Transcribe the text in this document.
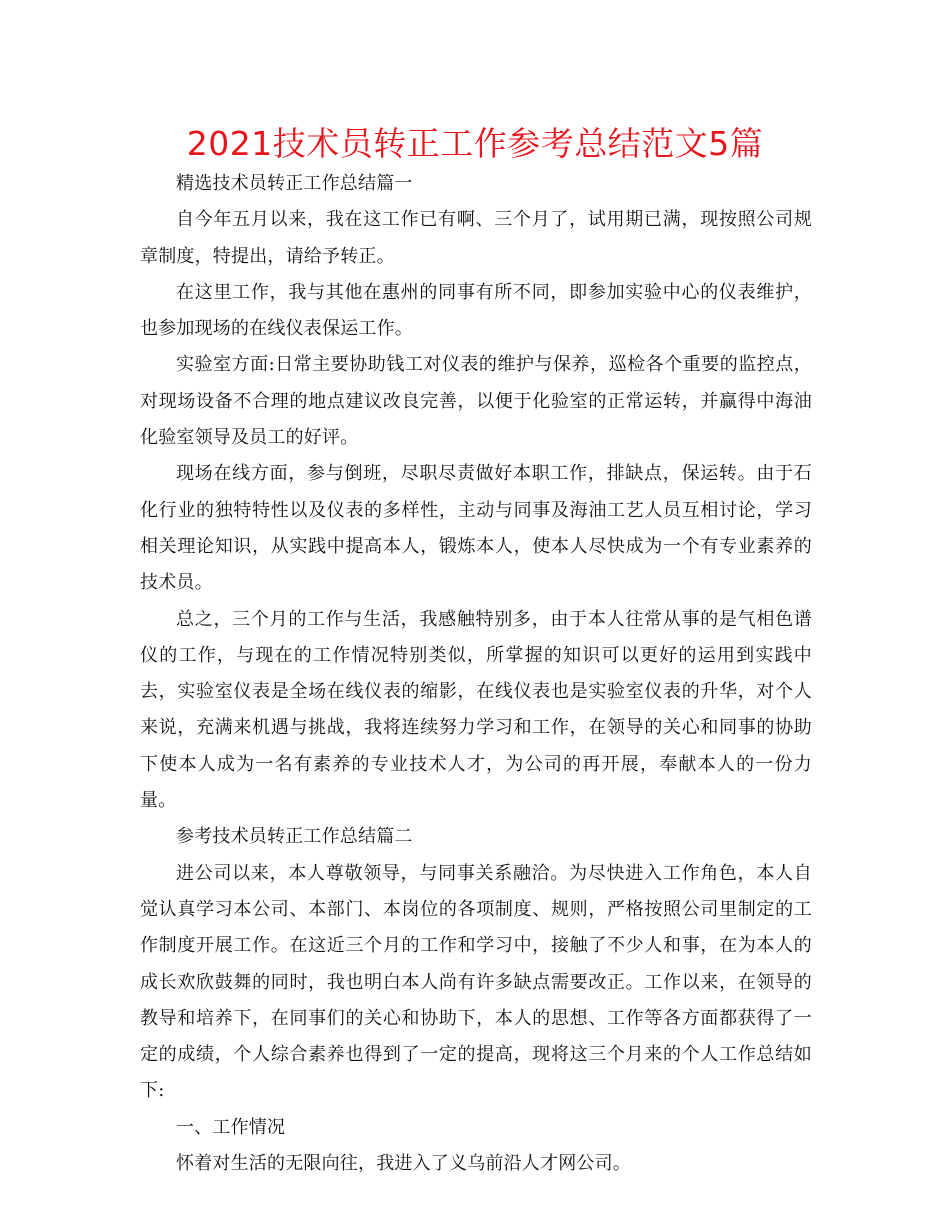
2021技术员转正工作参考总结范文5篇

精选技术员转正工作总结篇一

自今年五月以来，我在这工作已有啊、三个月了，试用期已满，现按照公司规章制度，特提出，请给予转正。

在这里工作，我与其他在惠州的同事有所不同，即参加实验中心的仪表维护，也参加现场的在线仪表保运工作。

实验室方面:日常主要协助钱工对仪表的维护与保养，巡检各个重要的监控点，对现场设备不合理的地点建议改良完善，以便于化验室的正常运转，并赢得中海油化验室领导及员工的好评。

现场在线方面，参与倒班，尽职尽责做好本职工作，排缺点，保运转。由于石化行业的独特特性以及仪表的多样性，主动与同事及海油工艺人员互相讨论，学习相关理论知识，从实践中提高本人，锻炼本人，使本人尽快成为一个有专业素养的技术员。

总之，三个月的工作与生活，我感触特别多，由于本人往常从事的是气相色谱仪的工作，与现在的工作情况特别类似，所掌握的知识可以更好的运用到实践中去，实验室仪表是全场在线仪表的缩影，在线仪表也是实验室仪表的升华，对个人来说，充满来机遇与挑战，我将连续努力学习和工作，在领导的关心和同事的协助下使本人成为一名有素养的专业技术人才，为公司的再开展，奉献本人的一份力量。

参考技术员转正工作总结篇二

进公司以来，本人尊敬领导，与同事关系融洽。为尽快进入工作角色，本人自觉认真学习本公司、本部门、本岗位的各项制度、规则，严格按照公司里制定的工作制度开展工作。在这近三个月的工作和学习中，接触了不少人和事，在为本人的成长欢欣鼓舞的同时，我也明白本人尚有许多缺点需要改正。工作以来，在领导的教导和培养下，在同事们的关心和协助下，本人的思想、工作等各方面都获得了一定的成绩，个人综合素养也得到了一定的提高，现将这三个月来的个人工作总结如下:

一、工作情况

怀着对生活的无限向往，我进入了义乌前沿人才网公司。
